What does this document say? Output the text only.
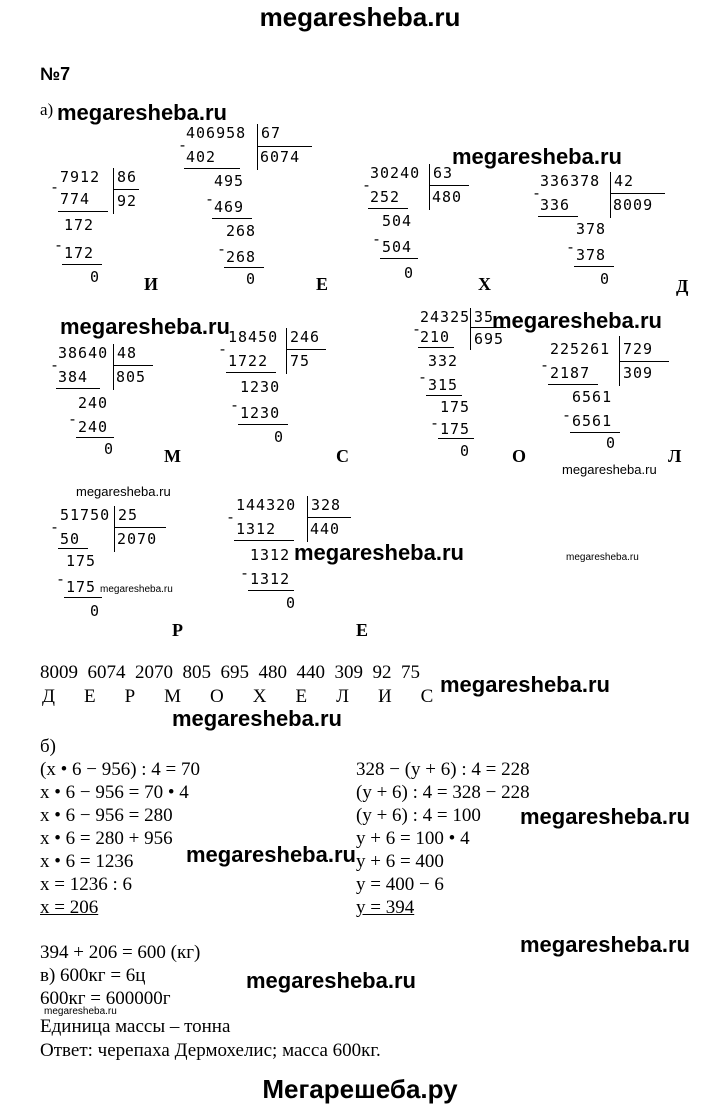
megaresheba.ru
№7
а) megaresheba.ru
7912 86
-
774 92
172
- 172
0 И
406958 67
-
402	6074
495
-
469
268
-
268
0	Е
30240 63
-
252 480
504
- 504
0
Х
megaresheba.ru
336378 42
-
336	8009
378
- 378
0	Д
megaresheba.ru
38640 48
-
384 805
240
- 240
0	М
18450 246
-
1722 75
1230
- 1230
0
С
24325 35
-
210 695
332
- 315
175
- 175
0 О
megaresheba.ru
225261 729
- 2187 309
6561
- 6561
0
Л
megaresheba.ru
megaresheba.ru
51750 25
-
50 2070
175
- 175
0
Р
megaresheba.ru
144320 328
-
1312 440
1312
- 1312
0
Е
megaresheba.ru	megaresheba.ru
8009  6074  2070  805  695  480  440  309  92  75
Д    Е    Р    М    О    Х    Е    Л    И    С megaresheba.ru
megaresheba.ru
б)
(x • 6 − 956) : 4 = 70
x • 6 − 956 = 70 • 4
x • 6 − 956 = 280
x • 6 = 280 + 956
x • 6 = 1236
x = 1236 : 6
x = 206
328 − (y + 6) : 4 = 228
(y + 6) : 4 = 328 − 228
(y + 6) : 4 = 100
y + 6 = 100 • 4
y + 6 = 400
y = 400 − 6
y = 394
megaresheba.ru
megaresheba.ru
394 + 206 = 600 (кг)
в) 600кг = 6ц
600кг = 600000г
megaresheba.ru
Единица массы – тонна
Ответ: черепаха Дермохелис; масса 600кг.
megaresheba.ru
megaresheba.ru
Мегарешеба.ру
